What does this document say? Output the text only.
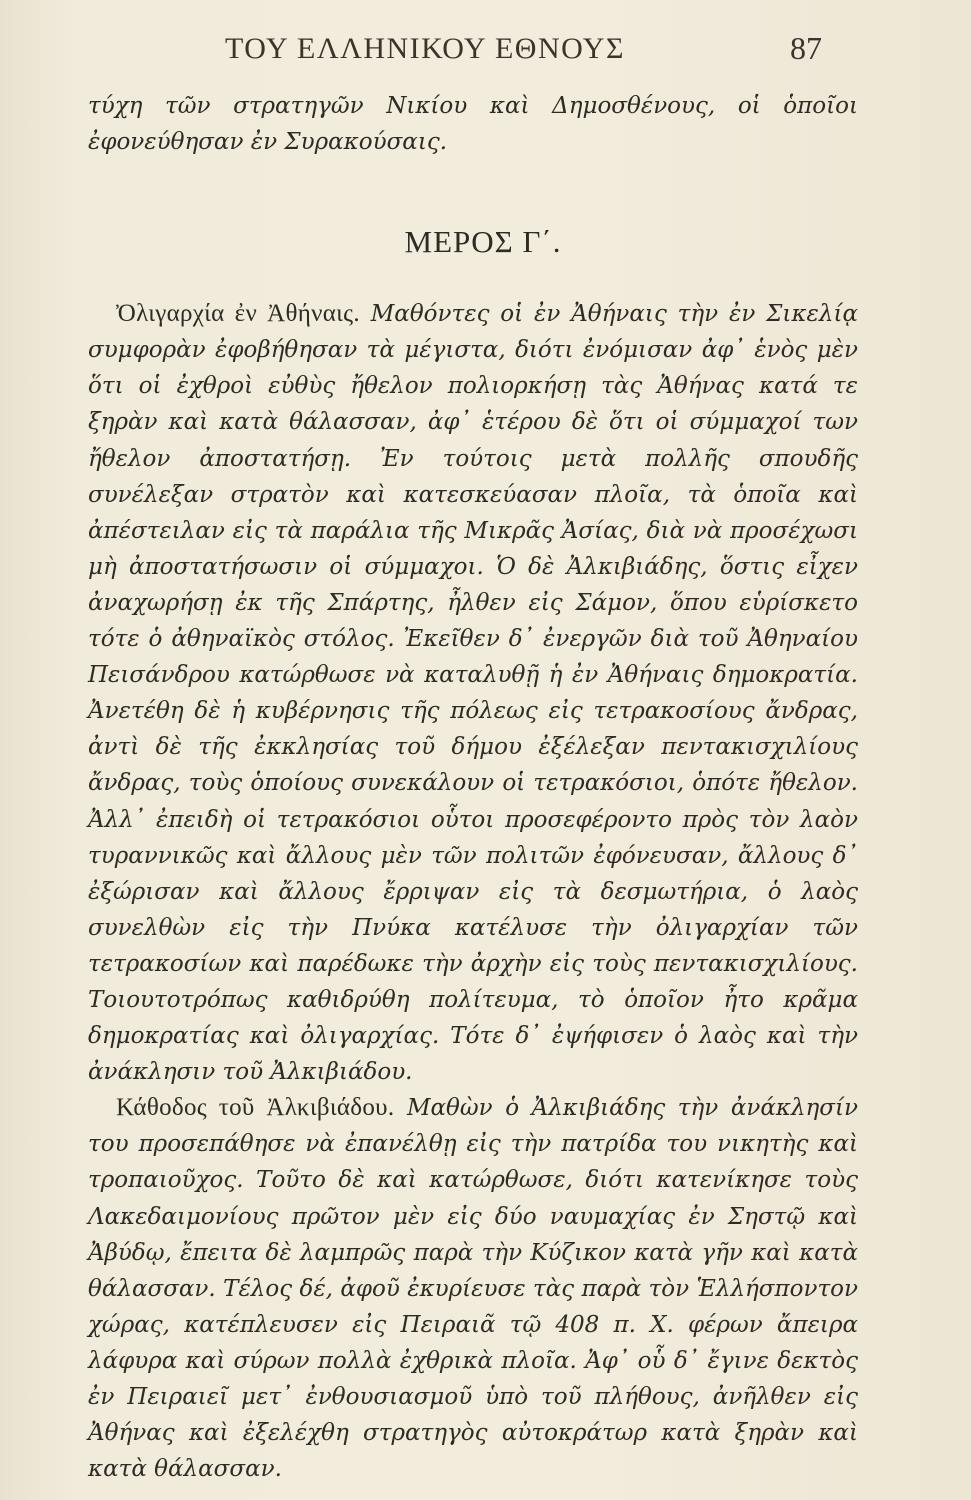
ΤΟΥ ΕΛΛΗΝΙΚΟΥ ΕΘΝΟΥΣ	87

τύχη τῶν στρατηγῶν Νικίου καὶ Δημοσθένους, οἱ ὁποῖοι ἐφονεύθησαν ἐν Συρακούσαις.

ΜΕΡΟΣ Γ΄.

Ὀλιγαρχία ἐν Ἀθήναις. Μαθόντες οἱ ἐν Ἀθήναις τὴν ἐν Σικελίᾳ συμφορὰν ἐφοβήθησαν τὰ μέγιστα, διότι ἐνόμισαν ἀφ᾿ ἑνὸς μὲν ὅτι οἱ ἐχθροὶ εὐθὺς ἤθελον πολιορκήσῃ τὰς Ἀθήνας κατά τε ξηρὰν καὶ κατὰ θάλασσαν, ἀφ᾿ ἑτέρου δὲ ὅτι οἱ σύμμαχοί των ἤθελον ἀποστατήσῃ. Ἐν τούτοις μετὰ πολλῆς σπουδῆς συνέλεξαν στρατὸν καὶ κατεσκεύασαν πλοῖα, τὰ ὁποῖα καὶ ἀπέστειλαν εἰς τὰ παράλια τῆς Μικρᾶς Ἀσίας, διὰ νὰ προσέχωσι μὴ ἀποστατήσωσιν οἱ σύμμαχοι. Ὁ δὲ Ἀλκιβιάδης, ὅστις εἶχεν ἀναχωρήσῃ ἐκ τῆς Σπάρτης, ἦλθεν εἰς Σάμον, ὅπου εὑρίσκετο τότε ὁ ἀθηναϊκὸς στόλος. Ἐκεῖθεν δ᾿ ἐνεργῶν διὰ τοῦ Ἀθηναίου Πεισάνδρου κατώρθωσε νὰ καταλυθῇ ἡ ἐν Ἀθήναις δημοκρατία. Ἀνετέθη δὲ ἡ κυβέρνησις τῆς πόλεως εἰς τετρακοσίους ἄνδρας, ἀντὶ δὲ τῆς ἐκκλησίας τοῦ δήμου ἐξέλεξαν πεντακισχιλίους ἄνδρας, τοὺς ὁποίους συνεκάλουν οἱ τετρακόσιοι, ὁπότε ἤθελον. Ἀλλ᾿ ἐπειδὴ οἱ τετρακόσιοι οὗτοι προσεφέροντο πρὸς τὸν λαὸν τυραννικῶς καὶ ἄλλους μὲν τῶν πολιτῶν ἐφόνευσαν, ἄλλους δ᾿ ἐξώρισαν καὶ ἄλλους ἔρριψαν εἰς τὰ δεσμωτήρια, ὁ λαὸς συνελθὼν εἰς τὴν Πνύκα κατέλυσε τὴν ὀλιγαρχίαν τῶν τετρακοσίων καὶ παρέδωκε τὴν ἀρχὴν εἰς τοὺς πεντακισχιλίους. Τοιουτοτρόπως καθιδρύθη πολίτευμα, τὸ ὁποῖον ἦτο κρᾶμα δημοκρατίας καὶ ὀλιγαρχίας. Τότε δ᾿ ἐψήφισεν ὁ λαὸς καὶ τὴν ἀνάκλησιν τοῦ Ἀλκιβιάδου.

Κάθοδος τοῦ Ἀλκιβιάδου. Μαθὼν ὁ Ἀλκιβιάδης τὴν ἀνάκλησίν του προσεπάθησε νὰ ἐπανέλθῃ εἰς τὴν πατρίδα του νικητὴς καὶ τροπαιοῦχος. Τοῦτο δὲ καὶ κατώρθωσε, διότι κατενίκησε τοὺς Λακεδαιμονίους πρῶτον μὲν εἰς δύο ναυμαχίας ἐν Σηστῷ καὶ Ἀβύδῳ, ἔπειτα δὲ λαμπρῶς παρὰ τὴν Κύζικον κατὰ γῆν καὶ κατὰ θάλασσαν. Τέλος δέ, ἀφοῦ ἐκυρίευσε τὰς παρὰ τὸν Ἑλλήσποντον χώρας, κατέπλευσεν εἰς Πειραιᾶ τῷ 408 π. Χ. φέρων ἄπειρα λάφυρα καὶ σύρων πολλὰ ἐχθρικὰ πλοῖα. Ἀφ᾿ οὗ δ᾿ ἔγινε δεκτὸς ἐν Πειραιεῖ μετ᾿ ἐνθουσιασμοῦ ὑπὸ τοῦ πλήθους, ἀνῆλθεν εἰς Ἀθήνας καὶ ἐξελέχθη στρατηγὸς αὐτοκράτωρ κατὰ ξηρὰν καὶ κατὰ θάλασσαν.
